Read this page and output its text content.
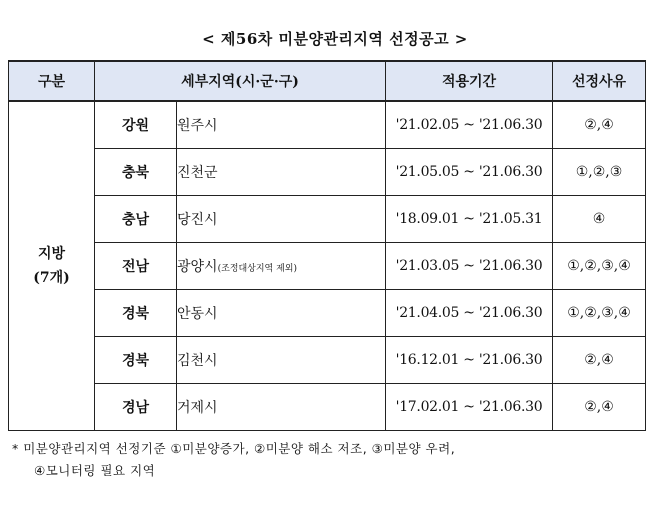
< 제56차 미분양관리지역 선정공고 >
구분	세부지역(시·군·구)		적용기간	선정사유

지방
(7개)	강원	원주시	'21.02.05 ~ '21.06.30	②,④
	충북	진천군	'21.05.05 ~ '21.06.30	①,②,③
	충남	당진시	'18.09.01 ~ '21.05.31	④
	전남	광양시(조정대상지역 제외)	'21.03.05 ~ '21.06.30	①,②,③,④
	경북	안동시	'21.04.05 ~ '21.06.30	①,②,③,④
	경북	김천시	'16.12.01 ~ '21.06.30	②,④
	경남	거제시	'17.02.01 ~ '21.06.30	②,④
* 미분양관리지역 선정기준 ①미분양증가, ②미분양 해소 저조, ③미분양 우려,
④모니터링 필요 지역
